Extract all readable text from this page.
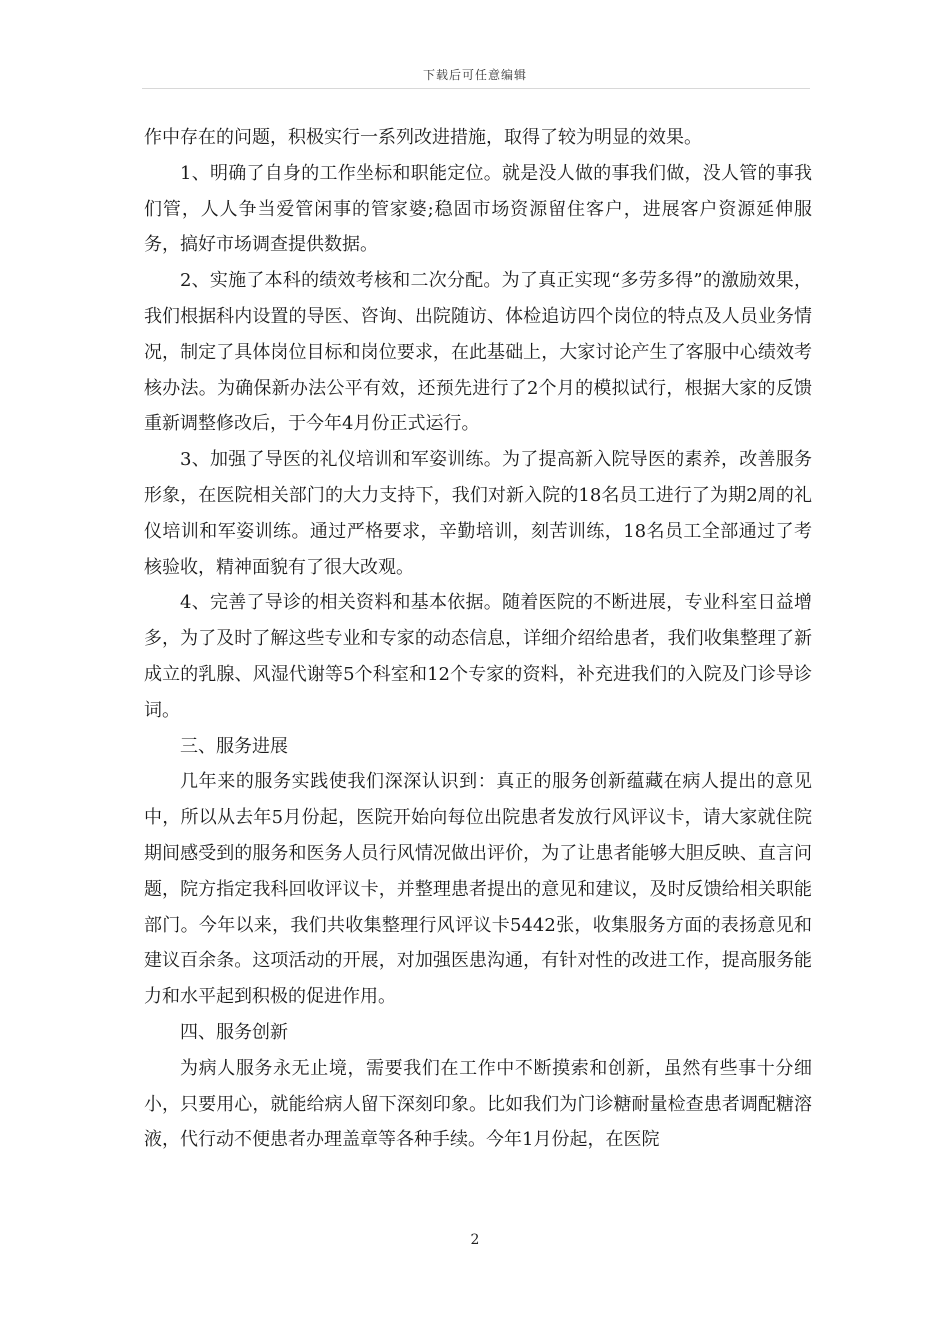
下载后可任意编辑

作中存在的问题，积极实行一系列改进措施，取得了较为明显的效果。

1、明确了自身的工作坐标和职能定位。就是没人做的事我们做，没人管的事我们管，人人争当爱管闲事的管家婆;稳固市场资源留住客户，进展客户资源延伸服务，搞好市场调查提供数据。

2、实施了本科的绩效考核和二次分配。为了真正实现“多劳多得”的激励效果，我们根据科内设置的导医、咨询、出院随访、体检追访四个岗位的特点及人员业务情况，制定了具体岗位目标和岗位要求，在此基础上，大家讨论产生了客服中心绩效考核办法。为确保新办法公平有效，还预先进行了2个月的模拟试行，根据大家的反馈重新调整修改后，于今年4月份正式运行。

3、加强了导医的礼仪培训和军姿训练。为了提高新入院导医的素养，改善服务形象，在医院相关部门的大力支持下，我们对新入院的18名员工进行了为期2周的礼仪培训和军姿训练。通过严格要求，辛勤培训，刻苦训练，18名员工全部通过了考核验收，精神面貌有了很大改观。

4、完善了导诊的相关资料和基本依据。随着医院的不断进展，专业科室日益增多，为了及时了解这些专业和专家的动态信息，详细介绍给患者，我们收集整理了新成立的乳腺、风湿代谢等5个科室和12个专家的资料，补充进我们的入院及门诊导诊词。

三、服务进展

几年来的服务实践使我们深深认识到：真正的服务创新蕴藏在病人提出的意见中，所以从去年5月份起，医院开始向每位出院患者发放行风评议卡，请大家就住院期间感受到的服务和医务人员行风情况做出评价，为了让患者能够大胆反映、直言问题，院方指定我科回收评议卡，并整理患者提出的意见和建议，及时反馈给相关职能部门。今年以来，我们共收集整理行风评议卡5442张，收集服务方面的表扬意见和建议百余条。这项活动的开展，对加强医患沟通，有针对性的改进工作，提高服务能力和水平起到积极的促进作用。

四、服务创新

为病人服务永无止境，需要我们在工作中不断摸索和创新，虽然有些事十分细小，只要用心，就能给病人留下深刻印象。比如我们为门诊糖耐量检查患者调配糖溶液，代行动不便患者办理盖章等各种手续。今年1月份起，在医院

2
